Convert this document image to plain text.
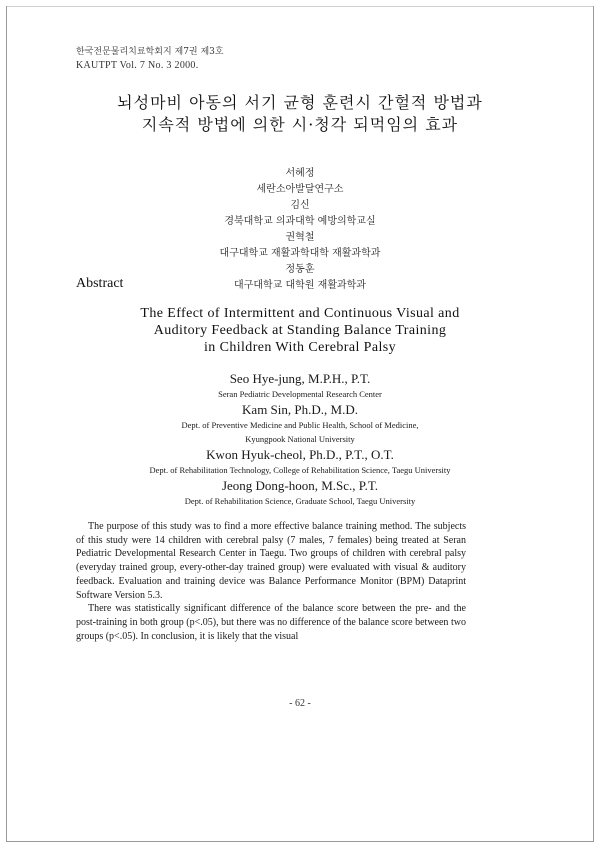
한국전문물리치료학회지 제7권 제3호
KAUTPT Vol. 7 No. 3 2000.
뇌성마비 아동의 서기 균형 훈련시 간헐적 방법과
지속적 방법에 의한 시·청각 되먹임의 효과
서혜정
세란소아발달연구소
김신
경북대학교 의과대학 예방의학교실
권혁철
대구대학교 재활과학대학 재활과학과
정동훈
대구대학교 대학원 재활과학과
Abstract
The Effect of Intermittent and Continuous Visual and
Auditory Feedback at Standing Balance Training
in Children With Cerebral Palsy
Seo Hye-jung, M.P.H., P.T.
Seran Pediatric Developmental Research Center
Kam Sin, Ph.D., M.D.
Dept. of Preventive Medicine and Public Health, School of Medicine,
Kyungpook National University
Kwon Hyuk-cheol, Ph.D., P.T., O.T.
Dept. of Rehabilitation Technology, College of Rehabilitation Science, Taegu University
Jeong Dong-hoon, M.Sc., P.T.
Dept. of Rehabilitation Science, Graduate School, Taegu University

The purpose of this study was to find a more effective balance training method. The subjects of this study were 14 children with cerebral palsy (7 males, 7 females) being treated at Seran Pediatric Developmental Research Center in Taegu. Two groups of children with cerebral palsy (everyday trained group, every-other-day trained group) were evaluated with visual & auditory feedback. Evaluation and training device was Balance Performance Monitor (BPM) Dataprint Software Version 5.3.

There was statistically significant difference of the balance score between the pre- and the post-training in both group (p<.05), but there was no difference of the balance score between two groups (p<.05). In conclusion, it is likely that the visual

- 62 -
